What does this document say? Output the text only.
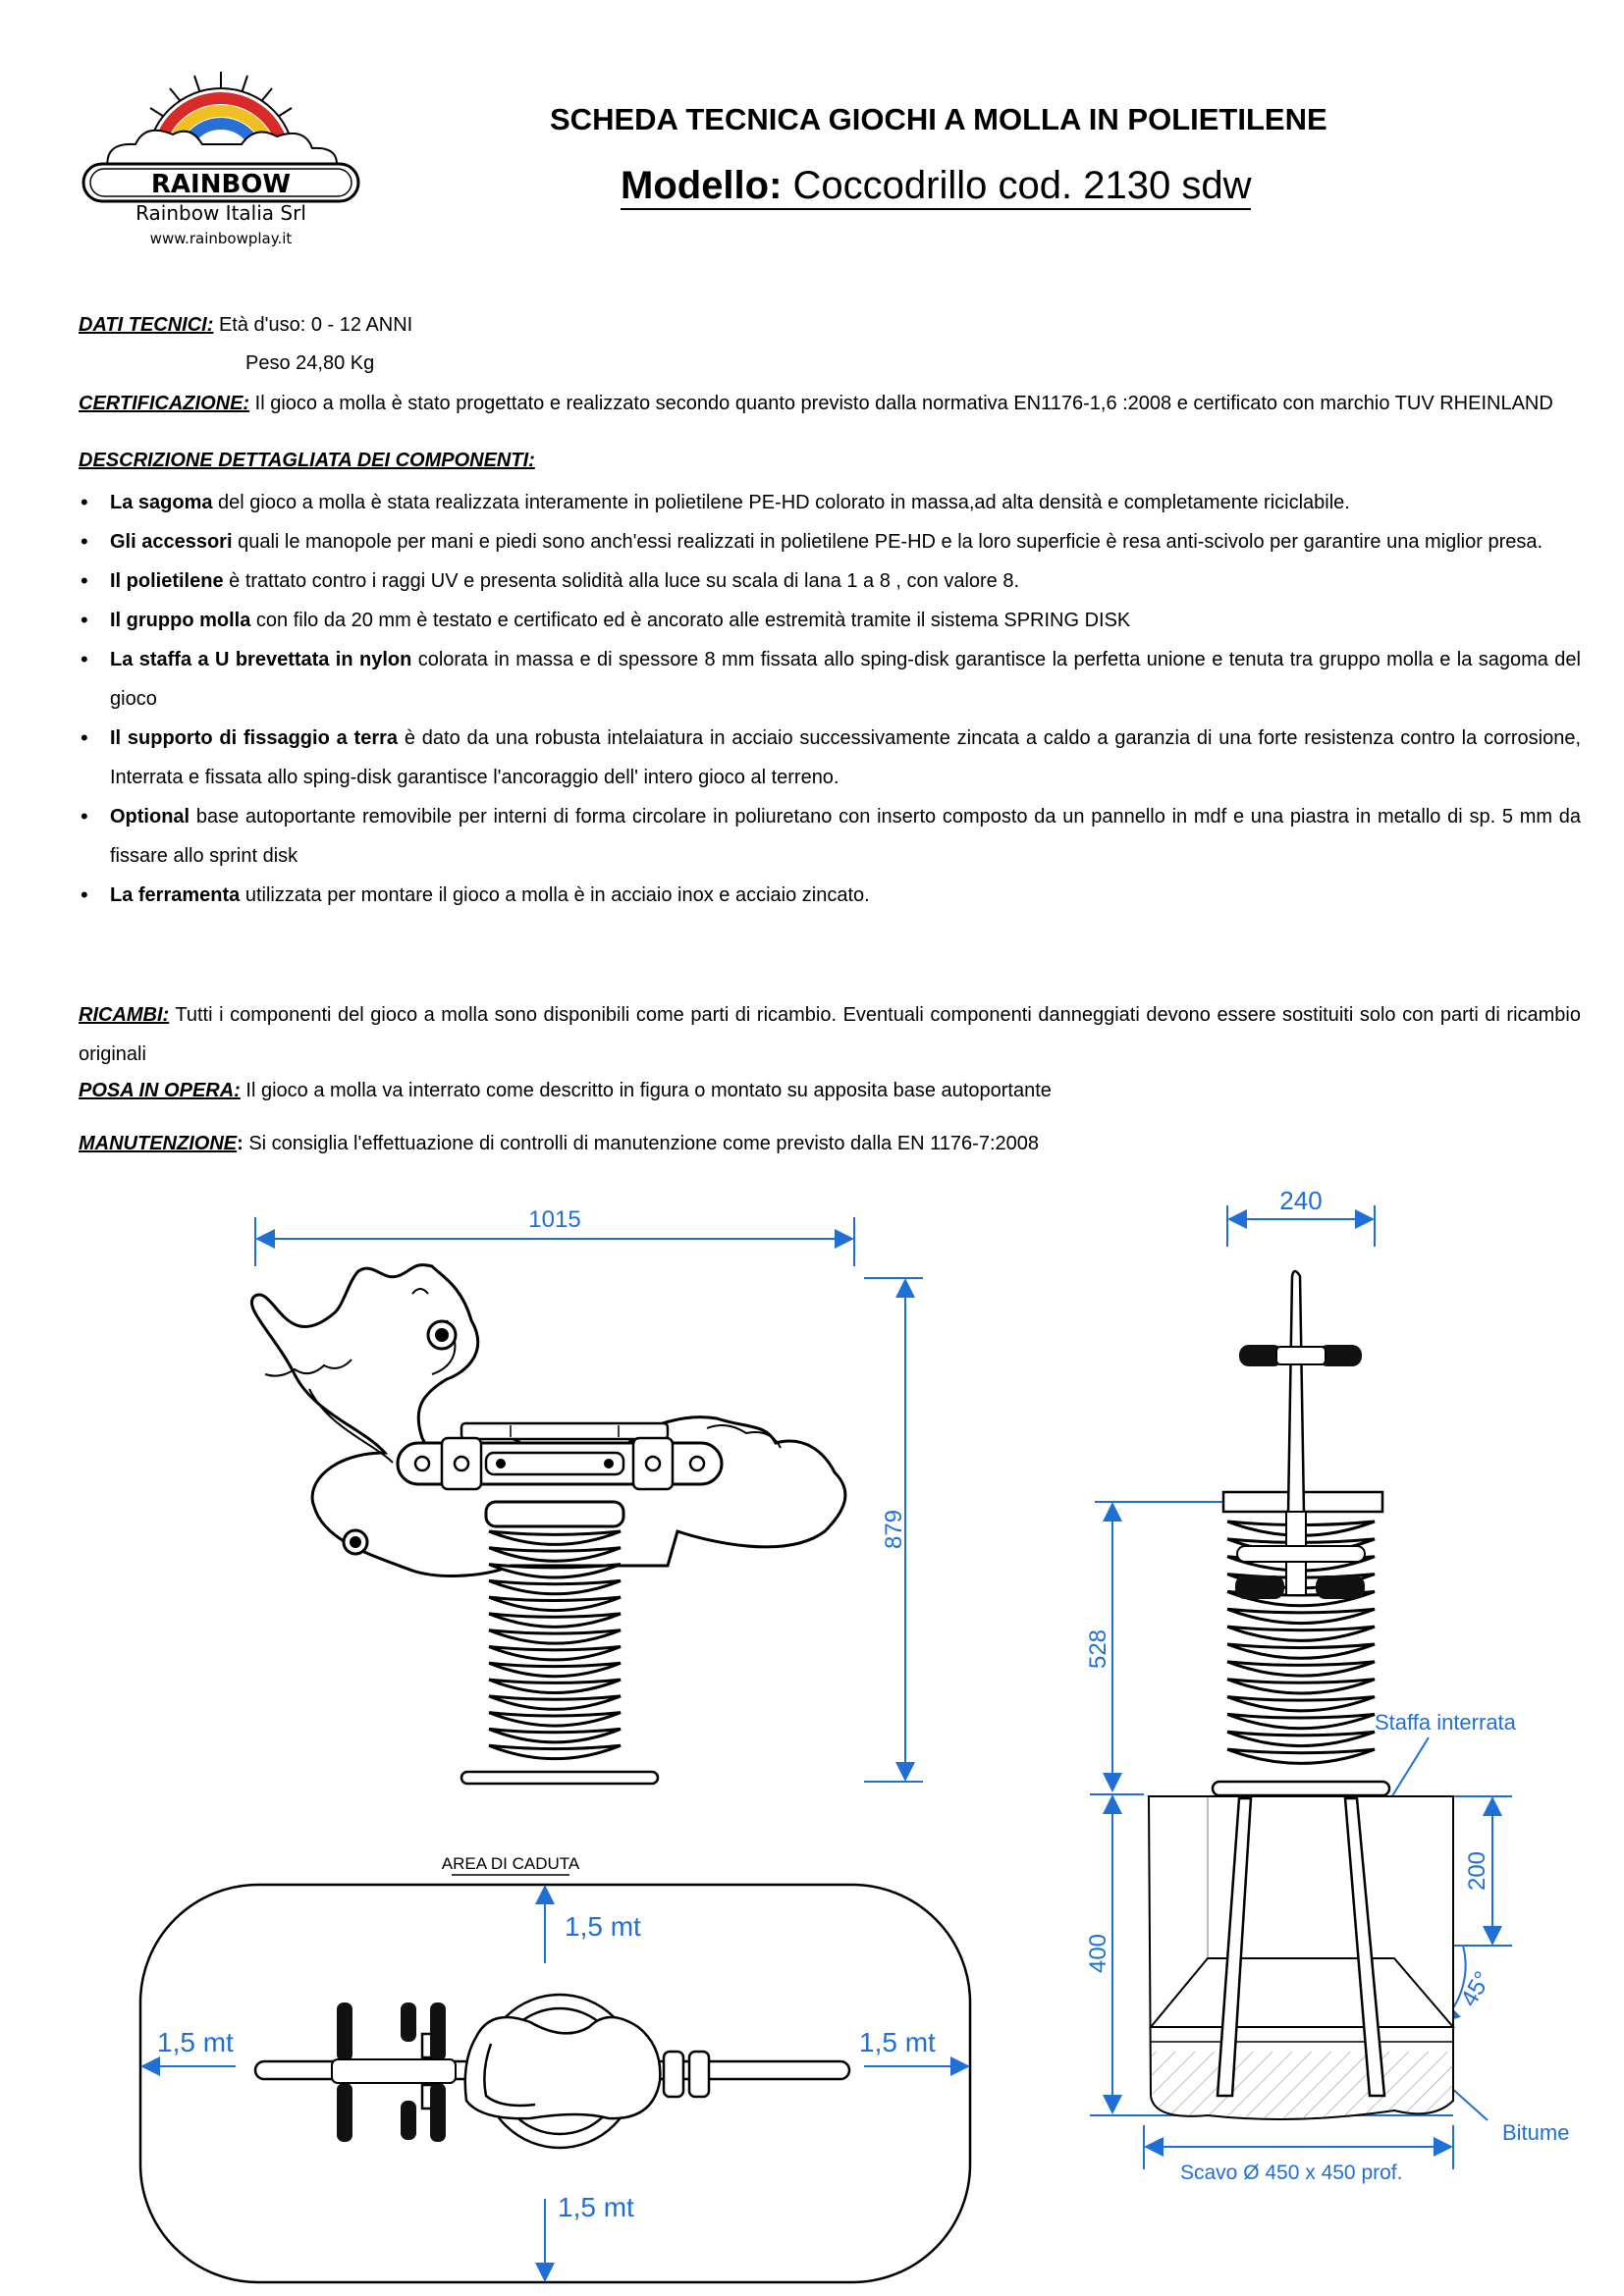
RAINBOW
Rainbow Italia Srl
www.rainbowplay.it
SCHEDA TECNICA GIOCHI A MOLLA IN POLIETILENE
Modello: Coccodrillo cod. 2130 sdw
DATI TECNICI: Età d'uso: 0 - 12 ANNI
Peso 24,80 Kg
CERTIFICAZIONE: Il gioco a molla è stato progettato e realizzato secondo quanto previsto dalla normativa EN1176-1,6 :2008 e certificato con marchio TUV RHEINLAND
DESCRIZIONE DETTAGLIATA DEI COMPONENTI:
• La sagoma del gioco a molla è stata realizzata interamente in polietilene PE-HD colorato in massa,ad alta densità e completamente riciclabile.
• Gli accessori quali le manopole per mani e piedi sono anch'essi realizzati in polietilene PE-HD e la loro superficie è resa anti-scivolo per garantire una miglior presa.
• Il polietilene è trattato contro i raggi UV e presenta solidità alla luce su scala di lana 1 a 8 , con valore 8.
• Il gruppo molla con filo da 20 mm è testato e certificato ed è ancorato alle estremità tramite il sistema SPRING DISK
• La staffa a U brevettata in nylon colorata in massa e di spessore 8 mm fissata allo sping-disk garantisce la perfetta unione e tenuta tra gruppo molla e la sagoma del gioco
• Il supporto di fissaggio a terra è dato da una robusta intelaiatura in acciaio successivamente zincata a caldo a garanzia di una forte resistenza contro la corrosione, Interrata e fissata allo sping-disk garantisce l'ancoraggio dell' intero gioco al terreno.
• Optional base autoportante removibile per interni di forma circolare in poliuretano con inserto composto da un pannello in mdf e una piastra in metallo di sp. 5 mm da fissare allo sprint disk
• La ferramenta utilizzata per montare il gioco a molla è in acciaio inox e acciaio zincato.
RICAMBI: Tutti i componenti del gioco a molla sono disponibili come parti di ricambio. Eventuali componenti danneggiati devono essere sostituiti solo con parti di ricambio originali
POSA IN OPERA: Il gioco a molla va interrato come descritto in figura o montato su apposita base autoportante
MANUTENZIONE: Si consiglia l'effettuazione di controlli di manutenzione come previsto dalla EN 1176-7:2008
1015
879
240
528
400
200
45°
Staffa interrata
Bitume
Scavo Ø 450 x 450 prof.
AREA DI CADUTA
1,5 mt
1,5 mt	1,5 mt
1,5 mt
